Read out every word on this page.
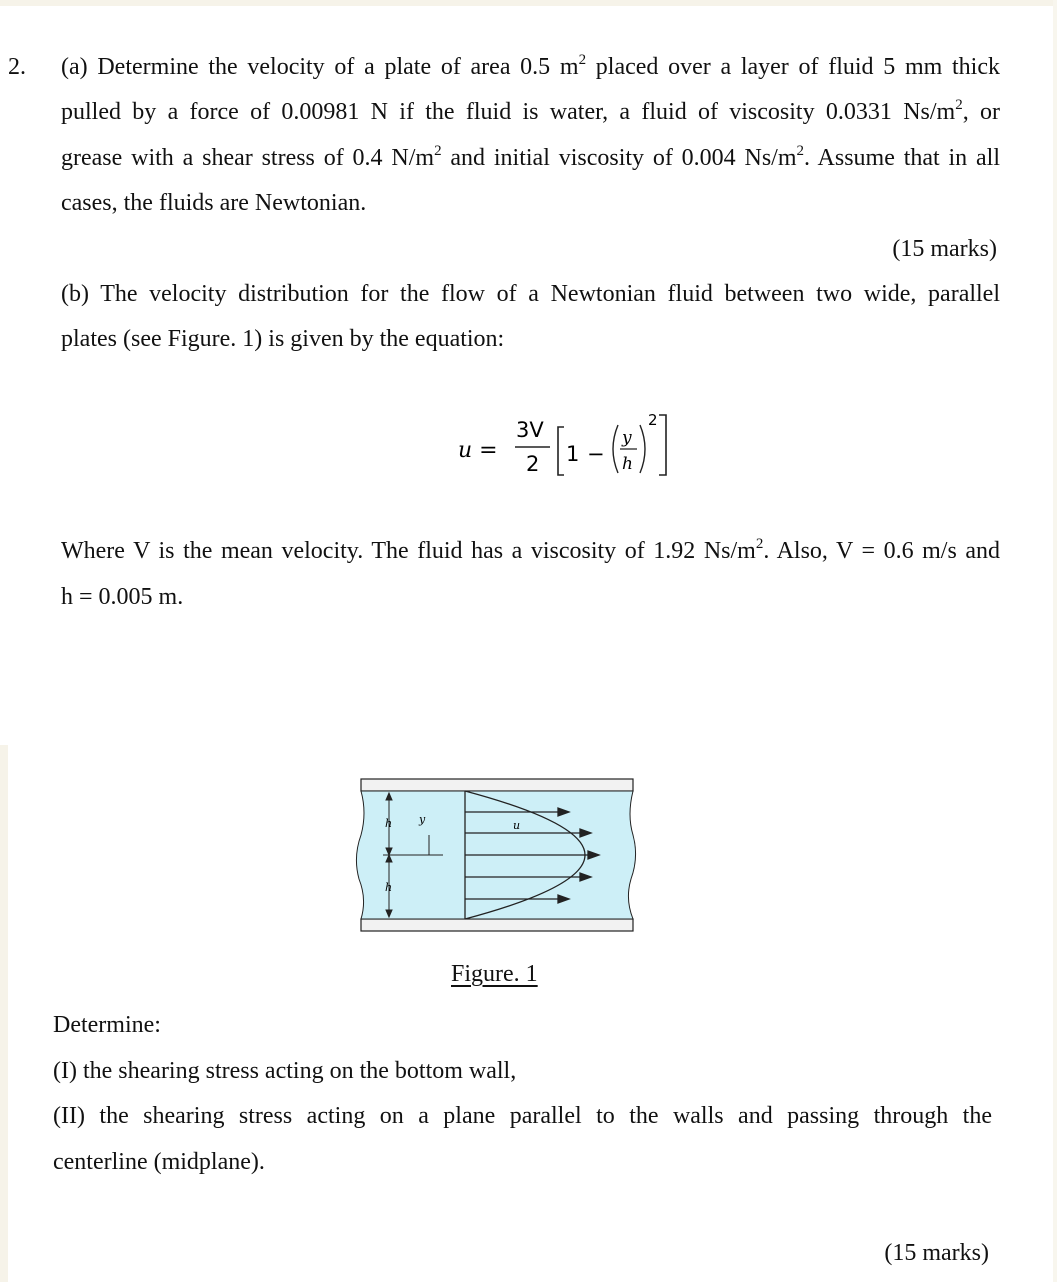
2. (a) Determine the velocity of a plate of area 0.5 $m^2$ placed over a layer of fluid 5 mm thick
pulled by a force of 0.00981 N if the fluid is water, a fluid of viscosity 0.0331 $Ns/m^2$, or
grease with a shear stress of 0.4 $N/m^2$ and initial viscosity of 0.004 $Ns/m^2$. Assume that in all
cases, the fluids are Newtonian.
(15 marks)
(b) The velocity distribution for the flow of a Newtonian fluid between two wide, parallel
plates (see Figure. 1) is given by the equation:
u =
3V
2 1 −
y
h
2
Where V is the mean velocity. The fluid has a viscosity of 1.92 $Ns/m^2$. Also, V = 0.6 m/s and
h = 0.005 m.
h
h
y	u
Figure. 1
Determine:
(I) the shearing stress acting on the bottom wall,
(II) the shearing stress acting on a plane parallel to the walls and passing through the
centerline (midplane).
(15 marks)
